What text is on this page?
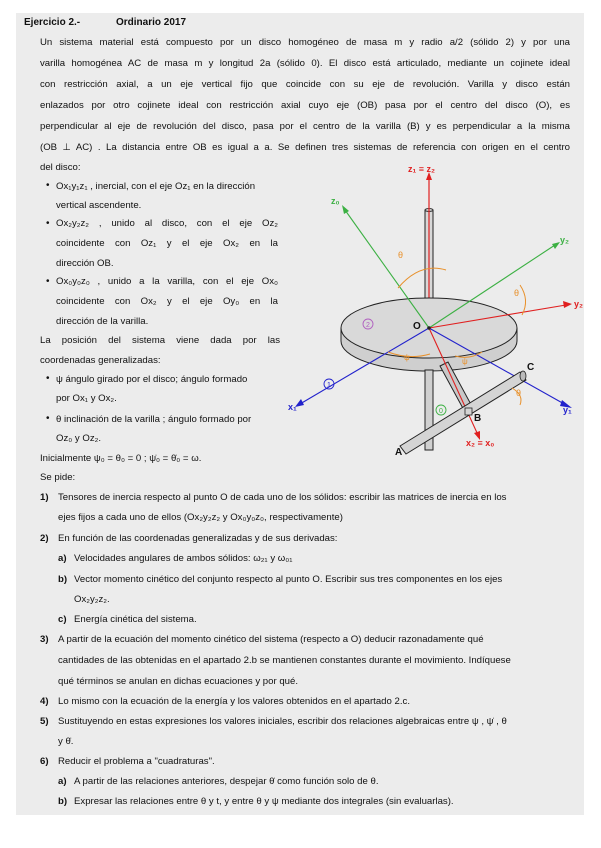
Ejercicio 2.-	Ordinario 2017
Un sistema material está compuesto por un disco homogéneo de masa m y radio a/2 (sólido 2) y por una
varilla homogénea AC de masa m y longitud 2a (sólido 0). El disco está articulado, mediante un cojinete ideal
con restricción axial, a un eje vertical fijo que coincide con su eje de revolución. Varilla y disco están
enlazados por otro cojinete ideal con restricción axial cuyo eje (OB) pasa por el centro del disco (O), es
perpendicular al eje de revolución del disco, pasa por el centro de la varilla (B) y es perpendicular a la misma
(OB ⊥ AC) . La distancia entre OB es igual a a. Se definen tres sistemas de referencia con origen en el centro
del disco:
• Ox₁y₁z₁ , inercial, con el eje Oz₁ en la dirección
vertical ascendente.
• Ox₂y₂z₂ , unido al disco, con el eje Oz₂
coincidente con Oz₁ y el eje Ox₂ en la
dirección OB.
• Ox₀y₀z₀ , unido a la varilla, con el eje Ox₀
coincidente con Ox₂ y el eje Oy₀ en la
dirección de la varilla.
La posición del sistema viene dada por las
coordenadas generalizadas:
• ψ ángulo girado por el disco; ángulo formado
por Ox₁ y Ox₂.
• θ inclinación de la varilla ; ángulo formado por
Oz₀ y Oz₂.
Inicialmente ψ₀ = θ₀ = 0 ; ψ̇₀ = θ̇₀ = ω.
Se pide:
1) Tensores de inercia respecto al punto O de cada uno de los sólidos: escribir las matrices de inercia en los
ejes fijos a cada uno de ellos (Ox₂y₂z₂ y Ox₀y₀z₀, respectivamente)
2) En función de las coordenadas generalizadas y de sus derivadas:
a) Velocidades angulares de ambos sólidos: ω₂₁ y ω₀₁
b) Vector momento cinético del conjunto respecto al punto O. Escribir sus tres componentes en los ejes
Ox₂y₂z₂.
c) Energía cinética del sistema.
3) A partir de la ecuación del momento cinético del sistema (respecto a O) deducir razonadamente qué
cantidades de las obtenidas en el apartado 2.b se mantienen constantes durante el movimiento. Indíquese
qué términos se anulan en dichas ecuaciones y por qué.
4) Lo mismo con la ecuación de la energía y los valores obtenidos en el apartado 2.c.
5) Sustituyendo en estas expresiones los valores iniciales, escribir dos relaciones algebraicas entre ψ , ψ̇ , θ
y θ̇.
6) Reducir el problema a "cuadraturas".
a) A partir de las relaciones anteriores, despejar θ̇ como función solo de θ.
b) Expresar las relaciones entre θ y t, y entre θ y ψ mediante dos integrales (sin evaluarlas).
z₁ ≡ z₂
z₀
y₂
y₂
y₁
x₁
x₂ ≡ x₀
O
A
B
C
θ
θ
θ
ψ	ψ
2
1
0
